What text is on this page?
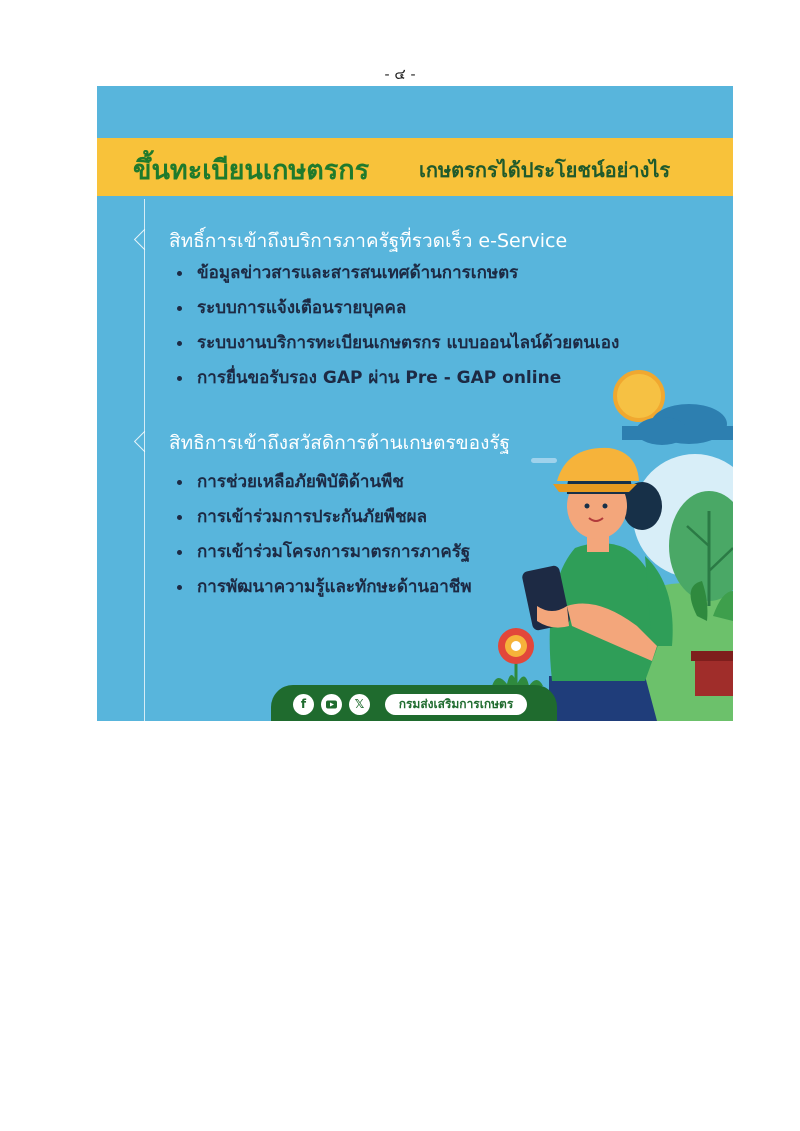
- ๔ -
ขึ้นทะเบียนเกษตรกร เกษตรกรได้ประโยชน์อย่างไร
สิทธิ์การเข้าถึงบริการภาครัฐที่รวดเร็ว e-Service
ข้อมูลข่าวสารและสารสนเทศด้านการเกษตร
ระบบการแจ้งเตือนรายบุคคล
ระบบงานบริการทะเบียนเกษตรกร แบบออนไลน์ด้วยตนเอง
การยื่นขอรับรอง GAP ผ่าน Pre - GAP online
สิทธิการเข้าถึงสวัสดิการด้านเกษตรของรัฐ
การช่วยเหลือภัยพิบัติด้านพืช
การเข้าร่วมการประกันภัยพืชผล
การเข้าร่วมโครงการมาตรการภาครัฐ
การพัฒนาความรู้และทักษะด้านอาชีพ
f	𝕏	กรมส่งเสริมการเกษตร
